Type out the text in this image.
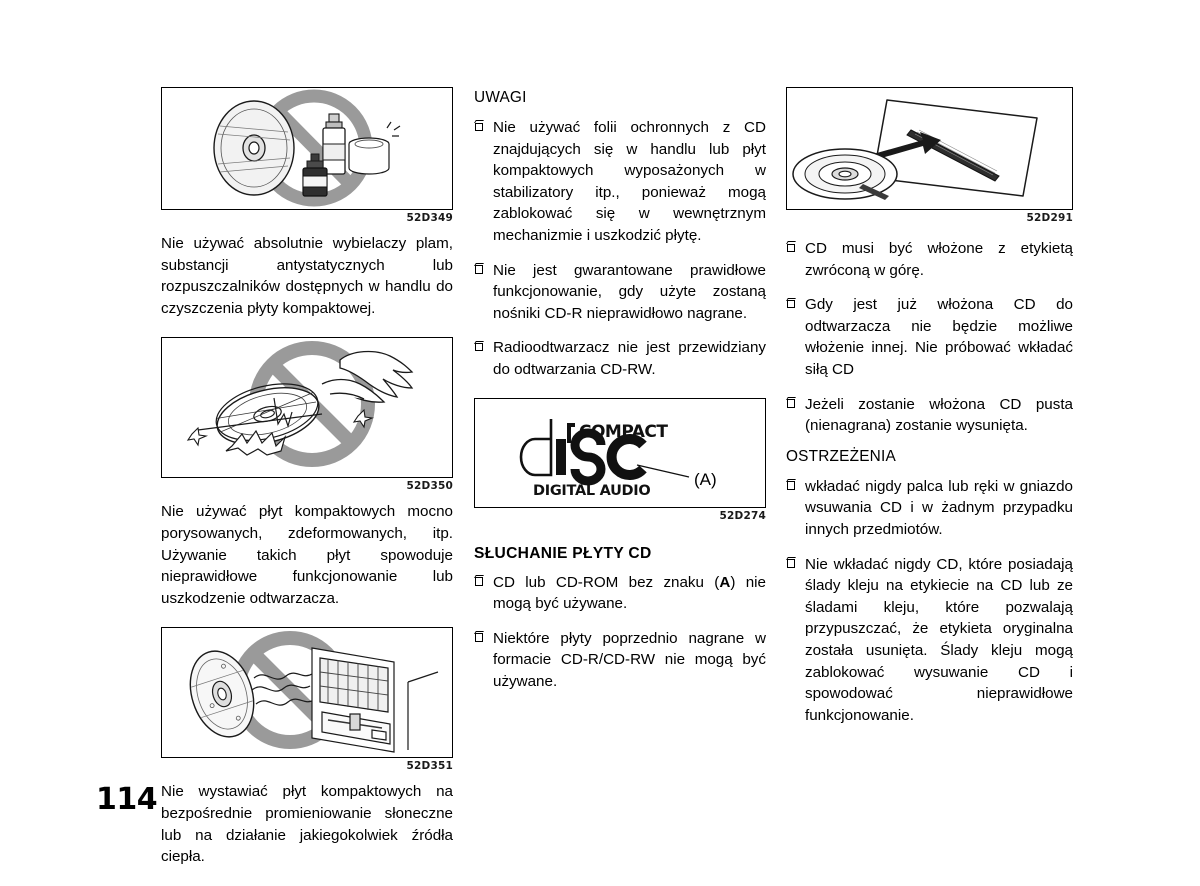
52D349
Nie używać absolutnie wybielaczy plam, substancji antystatycznych lub rozpuszczalników dostępnych w handlu do czyszczenia płyty kompaktowej.
52D350
Nie używać płyt kompaktowych mocno porysowanych, zdeformowanych, itp. Używanie takich płyt spowoduje nieprawidłowe funkcjonowanie lub uszkodzenie odtwarzacza.
52D351
Nie wystawiać płyt kompaktowych na bezpośrednie promieniowanie słoneczne lub na działanie jakiegokolwiek źródła ciepła.
UWAGI
Nie używać folii ochronnych z CD znajdujących się w handlu lub płyt kompaktowych wyposażonych w stabilizatory itp., ponieważ mogą zablokować się w wewnętrznym mechanizmie i uszkodzić płytę.
Nie jest gwarantowane prawidłowe funkcjonowanie, gdy użyte zostaną nośniki CD-R nieprawidłowo nagrane.
Radioodtwarzacz nie jest przewidziany do odtwarzania CD-RW.
COMPACT
DIGITAL AUDIO
(A)
52D274
SŁUCHANIE PŁYTY CD
CD lub CD-ROM bez znaku (A) nie mogą być używane.
Niektóre płyty poprzednio nagrane w formacie CD-R/CD-RW nie mogą być używane.
52D291
CD musi być włożone z etykietą zwróconą w górę.
Gdy jest już włożona CD do odtwarzacza nie będzie możliwe włożenie innej. Nie próbować wkładać siłą CD
Jeżeli zostanie włożona CD pusta (nienagrana) zostanie wysunięta.
OSTRZEŻENIA
wkładać nigdy palca lub ręki w gniazdo wsuwania CD i w żadnym przypadku innych przedmiotów.
Nie wkładać nigdy CD, które posiadają ślady kleju na etykiecie na CD lub ze śladami kleju, które pozwalają przypuszczać, że etykieta oryginalna została usunięta. Ślady kleju mogą zablokować wysuwanie CD i spowodować nieprawidłowe funkcjonowanie.
114
